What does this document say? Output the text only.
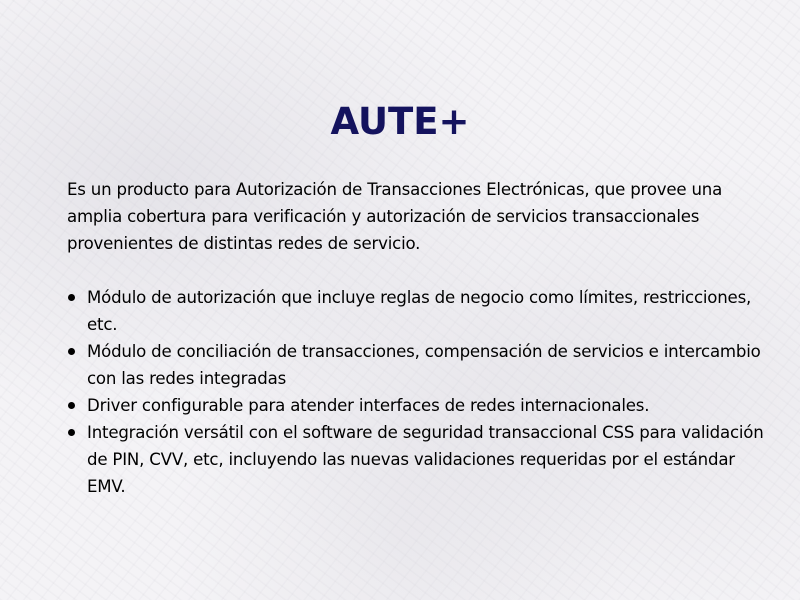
AUTE+

Es un producto para Autorización de Transacciones Electrónicas, que provee una amplia cobertura para verificación y autorización de servicios transaccionales provenientes de distintas redes de servicio.

Módulo de autorización que incluye reglas de negocio como límites, restricciones, etc.
Módulo de conciliación de transacciones, compensación de servicios e intercambio con las redes integradas
Driver configurable para atender interfaces de redes internacionales.
Integración versátil con el software de seguridad transaccional CSS para validación de PIN, CVV, etc, incluyendo las nuevas validaciones requeridas por el estándar EMV.
